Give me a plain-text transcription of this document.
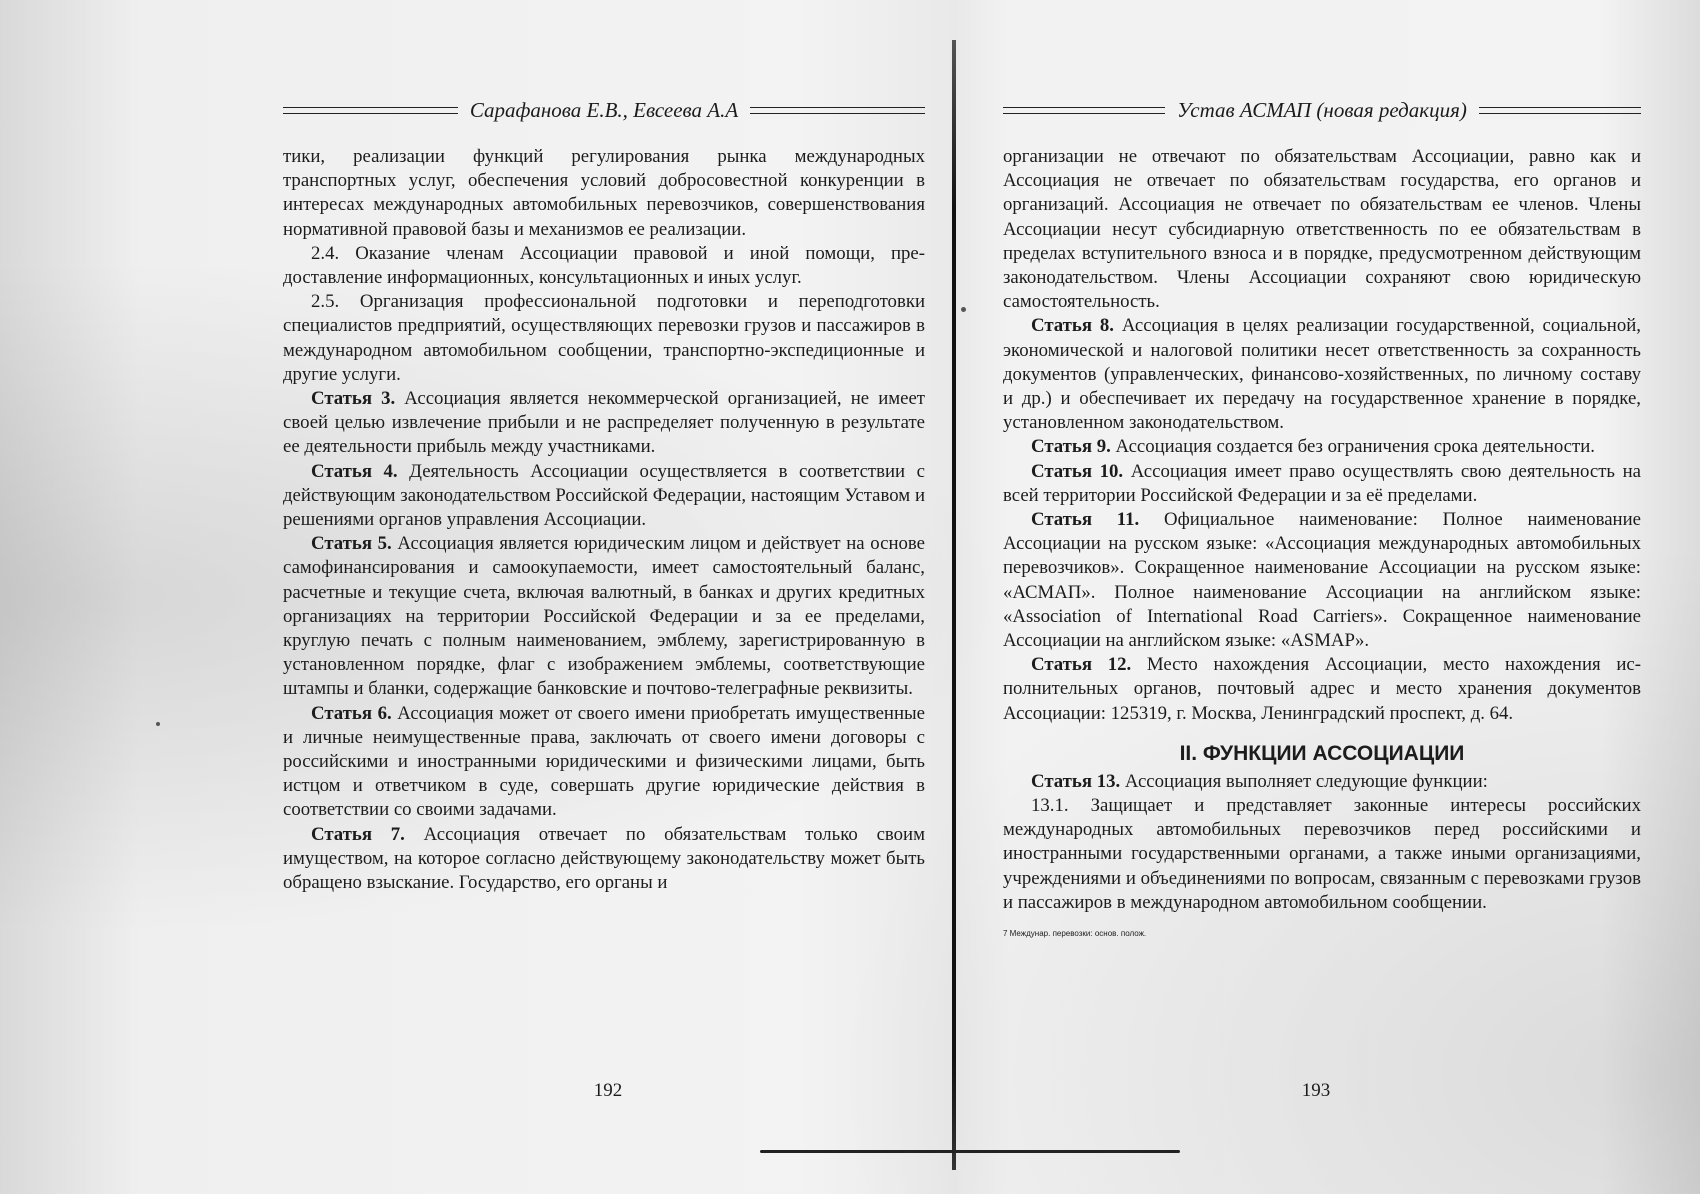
Сарафанова Е.В., Евсеева А.А

тики, реализации функций регулирования рынка международных транспортных услуг, обеспечения условий добросовестной конкуренции в интересах международных автомобильных перевозчиков, совершенствования нормативной правовой базы и механизмов ее реализации.

2.4. Оказание членам Ассоциации правовой и иной помощи, предоставление информационных, консультационных и иных услуг.

2.5. Организация профессиональной подготовки и переподготовки специалистов предприятий, осуществляющих перевозки грузов и пассажиров в международном автомобильном сообщении, транспортно-экспедиционные и другие услуги.

Статья 3. Ассоциация является некоммерческой организацией, не имеет своей целью извлечение прибыли и не распределяет полученную в результате ее деятельности прибыль между участниками.

Статья 4. Деятельность Ассоциации осуществляется в соответствии с действующим законодательством Российской Федерации, настоящим Уставом и решениями органов управления Ассоциации.

Статья 5. Ассоциация является юридическим лицом и действует на основе самофинансирования и самоокупаемости, имеет самостоятельный баланс, расчетные и текущие счета, включая валютный, в банках и других кредитных организациях на территории Российской Федерации и за ее пределами, круглую печать с полным наименованием, эмблему, зарегистрированную в установленном порядке, флаг с изображением эмблемы, соответствующие штампы и бланки, содержащие банковские и почтово-телеграфные реквизиты.

Статья 6. Ассоциация может от своего имени приобретать имущественные и личные неимущественные права, заключать от своего имени договоры с российскими и иностранными юридическими и физическими лицами, быть истцом и ответчиком в суде, совершать другие юридические действия в соответствии со своими задачами.

Статья 7. Ассоциация отвечает по обязательствам только своим имуществом, на которое согласно действующему законодательству может быть обращено взыскание. Государство, его органы и

192
Устав АСМАП (новая редакция)

организации не отвечают по обязательствам Ассоциации, равно как и Ассоциация не отвечает по обязательствам государства, его органов и организаций. Ассоциация не отвечает по обязательствам ее членов. Члены Ассоциации несут субсидиарную ответственность по ее обязательствам в пределах вступительного взноса и в порядке, предусмотренном действующим законодательством. Члены Ассоциации сохраняют свою юридическую самостоятельность.

Статья 8. Ассоциация в целях реализации государственной, социальной, экономической и налоговой политики несет ответственность за сохранность документов (управленческих, финансово-хозяйственных, по личному составу и др.) и обеспечивает их передачу на государственное хранение в порядке, установленном законодательством.

Статья 9. Ассоциация создается без ограничения срока деятельности.

Статья 10. Ассоциация имеет право осуществлять свою деятельность на всей территории Российской Федерации и за её пределами.

Статья 11. Официальное наименование: Полное наименование Ассоциации на русском языке: «Ассоциация международных автомобильных перевозчиков». Сокращенное наименование Ассоциации на русском языке: «АСМАП». Полное наименование Ассоциации на английском языке: «Association of International Road Carriers». Сокращенное наименование Ассоциации на английском языке: «ASMAP».

Статья 12. Место нахождения Ассоциации, место нахождения исполнительных органов, почтовый адрес и место хранения документов Ассоциации: 125319, г. Москва, Ленинградский проспект, д. 64.

II. ФУНКЦИИ АССОЦИАЦИИ

Статья 13. Ассоциация выполняет следующие функции:

13.1. Защищает и представляет законные интересы российских международных автомобильных перевозчиков перед российскими и иностранными государственными органами, а также иными организациями, учреждениями и объединениями по вопросам, связанным с перевозками грузов и пассажиров в международном автомобильном сообщении.

7 Междунар. перевозки: основ. полож.
193
